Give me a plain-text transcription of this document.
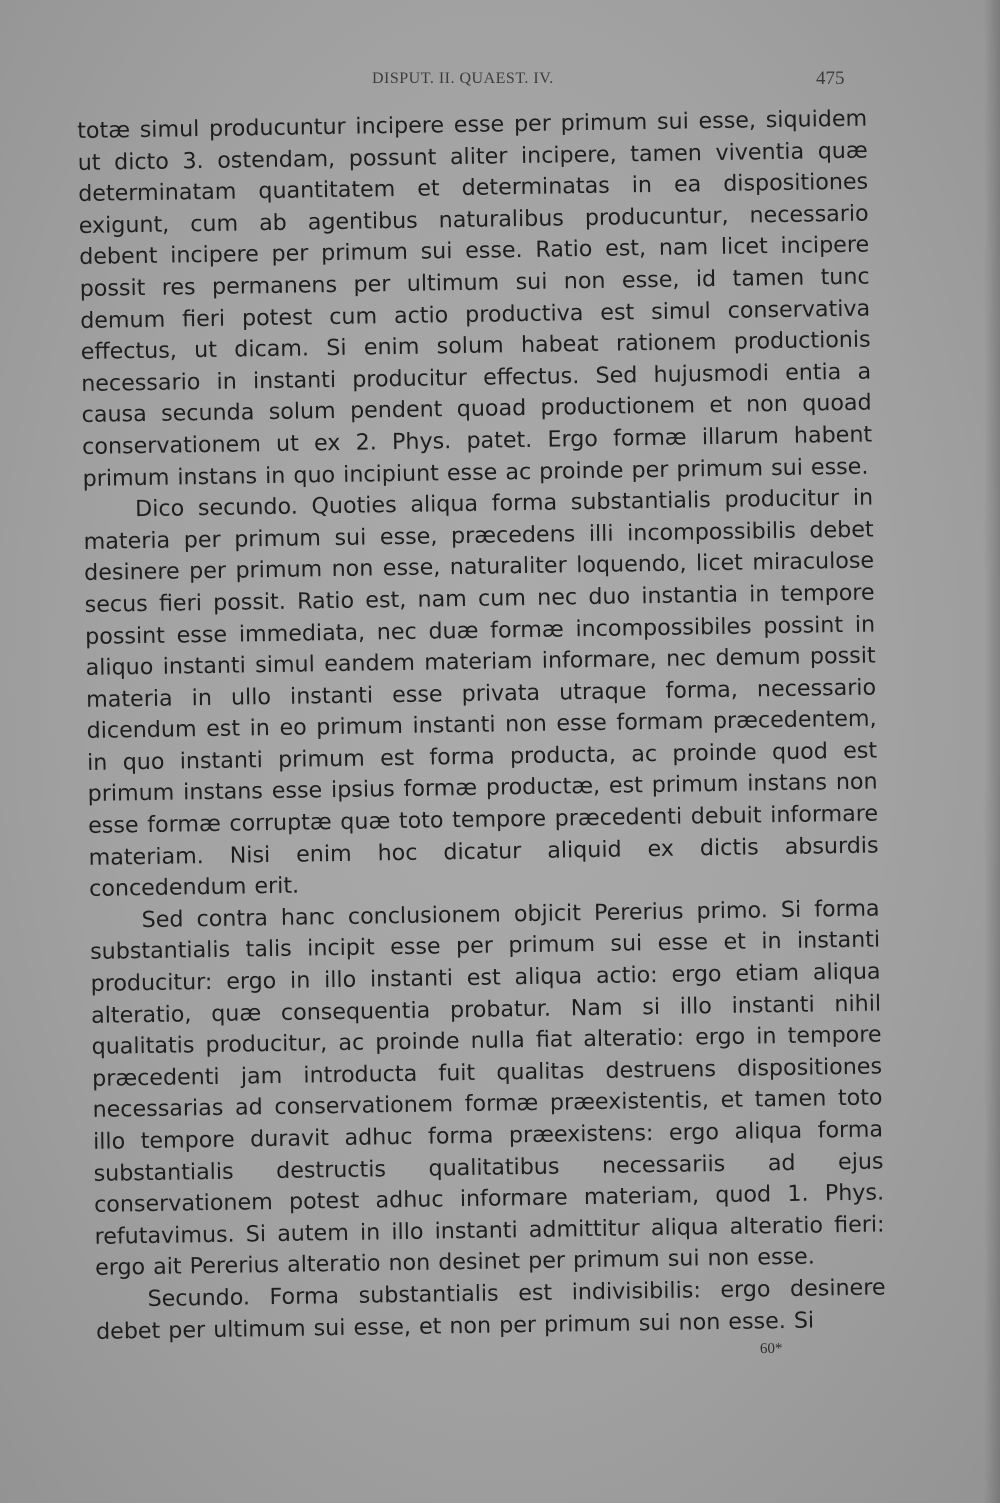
DISPUT. II. QUAEST. IV.	475

totæ simul producuntur incipere esse per primum sui esse, siquidem ut dicto 3. ostendam, possunt aliter incipere, tamen viventia quæ determinatam quantitatem et determinatas in ea dispositiones exigunt, cum ab agentibus naturalibus producuntur, necessario debent incipere per primum sui esse. Ratio est, nam licet incipere possit res permanens per ultimum sui non esse, id tamen tunc demum fieri potest cum actio productiva est simul conservativa effectus, ut dicam. Si enim solum habeat rationem productionis necessario in instanti producitur effectus. Sed hujusmodi entia a causa secunda solum pendent quoad productionem et non quoad conservationem ut ex 2. Phys. patet. Ergo formæ illarum habent primum instans in quo incipiunt esse ac proinde per primum sui esse.

Dico secundo. Quoties aliqua forma substantialis producitur in materia per primum sui esse, præcedens illi incompossibilis debet desinere per primum non esse, naturaliter loquendo, licet miraculose secus fieri possit. Ratio est, nam cum nec duo instantia in tempore possint esse immediata, nec duæ formæ incompossibiles possint in aliquo instanti simul eandem materiam informare, nec demum possit materia in ullo instanti esse privata utraque forma, necessario dicendum est in eo primum instanti non esse formam præcedentem, in quo instanti primum est forma producta, ac proinde quod est primum instans esse ipsius formæ productæ, est primum instans non esse formæ corruptæ quæ toto tempore præcedenti debuit informare materiam. Nisi enim hoc dicatur aliquid ex dictis absurdis concedendum erit.

Sed contra hanc conclusionem objicit Pererius primo. Si forma substantialis talis incipit esse per primum sui esse et in instanti producitur: ergo in illo instanti est aliqua actio: ergo etiam aliqua alteratio, quæ consequentia probatur. Nam si illo instanti nihil qualitatis producitur, ac proinde nulla fiat alteratio: ergo in tempore præcedenti jam introducta fuit qualitas destruens dispositiones necessarias ad conservationem formæ præexistentis, et tamen toto illo tempore duravit adhuc forma præexistens: ergo aliqua forma substantialis destructis qualitatibus necessariis ad ejus conservationem potest adhuc informare materiam, quod 1. Phys. refutavimus. Si autem in illo instanti admittitur aliqua alteratio fieri: ergo ait Pererius alteratio non desinet per primum sui non esse.

Secundo. Forma substantialis est indivisibilis: ergo desinere debet per ultimum sui esse, et non per primum sui non esse. Si

60*
